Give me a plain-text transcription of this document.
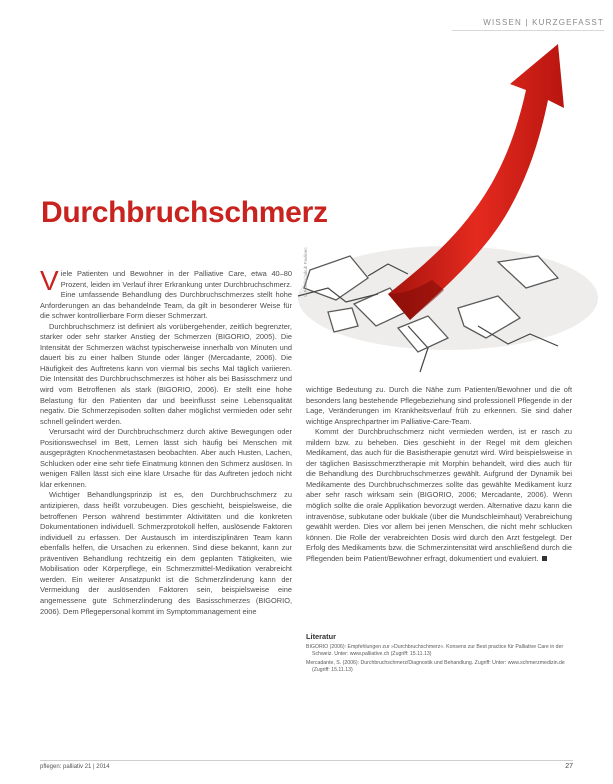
WISSEN | KURZGEFASST
© Fotolia/Jakub Pavlinec
Durchbruchschmerz

Viele Patienten und Bewohner in der Palliative Care, etwa 40–80 Prozent, leiden im Verlauf ihrer Erkrankung unter Durchbruchschmerz. Eine umfassende Behandlung des Durchbruchschmerzes stellt hohe Anforderungen an das behandelnde Team, da gilt in besonderer Weise für die schwer kontrollierbare Form dieser Schmerzart.

Durchbruchschmerz ist definiert als vorübergehender, zeitlich begrenzter, starker oder sehr starker Anstieg der Schmerzen (BIGORIO, 2005). Die Intensität der Schmerzen wächst typischerweise innerhalb von Minuten und dauert bis zu einer halben Stunde oder länger (Mercadante, 2006). Die Häufigkeit des Auftretens kann von viermal bis sechs Mal täglich variieren. Die Intensität des Durchbruchschmerzes ist höher als bei Basisschmerz und wird vom Betroffenen als stark (BIGORIO, 2006). Er stellt eine hohe Belastung für den Patienten dar und beeinflusst seine Lebensqualität negativ. Die Schmerzepisoden sollten daher möglichst vermieden oder sehr schnell gelindert werden.

Verursacht wird der Durchbruchschmerz durch aktive Bewegungen oder Positionswechsel im Bett, Lernen lässt sich häufig bei Menschen mit ausgeprägten Knochenmetastasen beobachten. Aber auch Husten, Lachen, Schlucken oder eine sehr tiefe Einatmung können den Schmerz auslösen. In wenigen Fällen lässt sich eine klare Ursache für das Auftreten jedoch nicht klar erkennen.

Wichtiger Behandlungsprinzip ist es, den Durchbruchschmerz zu antizipieren, dass heißt vorzubeugen. Dies geschieht, beispielsweise, die betroffenen Person während bestimmter Aktivitäten und die konkreten Dokumentationen individuell. Schmerzprotokoll helfen, auslösende Faktoren individuell zu erfassen. Der Austausch im interdisziplinären Team kann ebenfalls helfen, die Ursachen zu erkennen. Sind diese bekannt, kann zur präventiven Behandlung rechtzeitig ein dem geplanten Tätigkeiten, wie Mobilisation oder Körperpflege, ein Schmerzmittel-Medikation verabreicht werden. Ein weiterer Ansatzpunkt ist die Schmerzlinderung kann der Vermeidung der auslösenden Faktoren sein, beispielsweise eine angemessene gute Schmerzlinderung des Basisschmerzes (BIGORIO, 2006). Dem Pflegepersonal kommt im Symptommanagement eine

wichtige Bedeutung zu. Durch die Nähe zum Patienten/Bewohner und die oft besonders lang bestehende Pflegebeziehung sind professionell Pflegende in der Lage, Veränderungen im Krankheitsverlauf früh zu erkennen. Sie sind daher wichtige Ansprechpartner im Palliative-Care-Team.

Kommt der Durchbruchschmerz nicht vermieden werden, ist er rasch zu mildern bzw. zu beheben. Dies geschieht in der Regel mit dem gleichen Medikament, das auch für die Basistherapie genutzt wird. Wird beispielsweise in der täglichen Basisschmerztherapie mit Morphin behandelt, wird dies auch für die Behandlung des Durchbruchschmerzes gewählt. Aufgrund der Dynamik bei Medikamente des Durchbruchschmerzes sollte das gewählte Medikament kurz aber sehr rasch wirksam sein (BIGORIO, 2006; Mercadante, 2006). Wenn möglich sollte die orale Applikation bevorzugt werden. Alternative dazu kann die intravenöse, subkutane oder bukkale (über die Mundschleimhaut) Verabreichung gewählt werden. Dies vor allem bei jenen Menschen, die nicht mehr schlucken können. Die Rolle der verabreichten Dosis wird durch den Arzt festgelegt. Der Erfolg des Medikaments bzw. die Schmerzintensität wird anschließend durch die Pflegenden beim Patient/Bewohner erfragt, dokumentiert und evaluiert.

Literatur

BIGORIO (2006): Empfehlungen zur »Durchbruchschmerz«. Konsens zur Best practice für Palliative Care in der Schweiz. Unter: www.palliative.ch (Zugriff: 15.11.13)

Mercadante, S. (2006): Durchbruchschmerz/Diagnostik und Behandlung. Zugriff: Unter: www.schmerzmedizin.de (Zugriff: 15.11.13)

pflegen: palliativ 21 | 2014	27
